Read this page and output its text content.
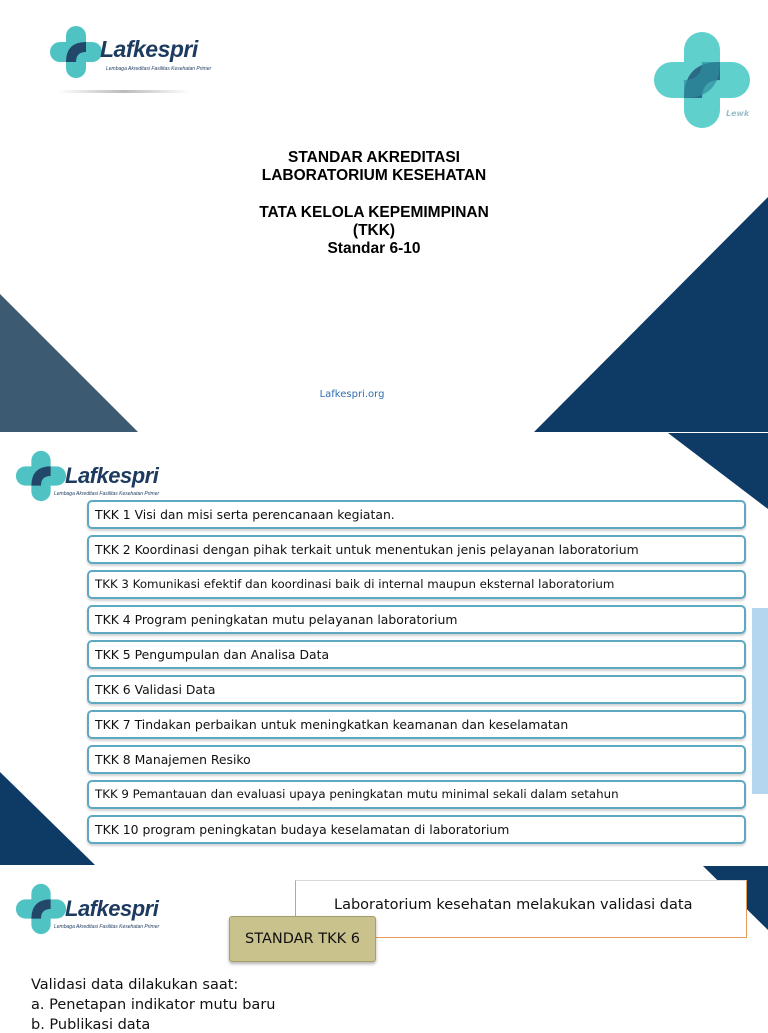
Lafkespri
Lembaga Akreditasi Fasilitas Kesehatan Primer
Lewk
STANDAR AKREDITASI
LABORATORIUM KESEHATAN
TATA KELOLA KEPEMIMPINAN
(TKK)
Standar 6-10
Lafkespri.org
Lafkespri
Lembaga Akreditasi Fasilitas Kesehatan Primer
TKK 1 Visi dan misi serta perencanaan kegiatan.
TKK 2 Koordinasi dengan pihak terkait untuk menentukan jenis pelayanan laboratorium
TKK 3 Komunikasi efektif dan koordinasi baik di internal maupun eksternal laboratorium
TKK 4 Program peningkatan mutu pelayanan laboratorium
TKK 5 Pengumpulan dan Analisa Data
TKK 6 Validasi Data
TKK 7 Tindakan perbaikan untuk meningkatkan keamanan dan keselamatan
TKK 8 Manajemen Resiko
TKK 9 Pemantauan dan evaluasi upaya peningkatan mutu minimal sekali dalam setahun
TKK 10 program peningkatan budaya keselamatan di laboratorium
Lafkespri
Lembaga Akreditasi Fasilitas Kesehatan Primer
Laboratorium kesehatan melakukan validasi data
STANDAR TKK 6
Validasi data dilakukan saat:
a. Penetapan indikator mutu baru
b. Publikasi data
